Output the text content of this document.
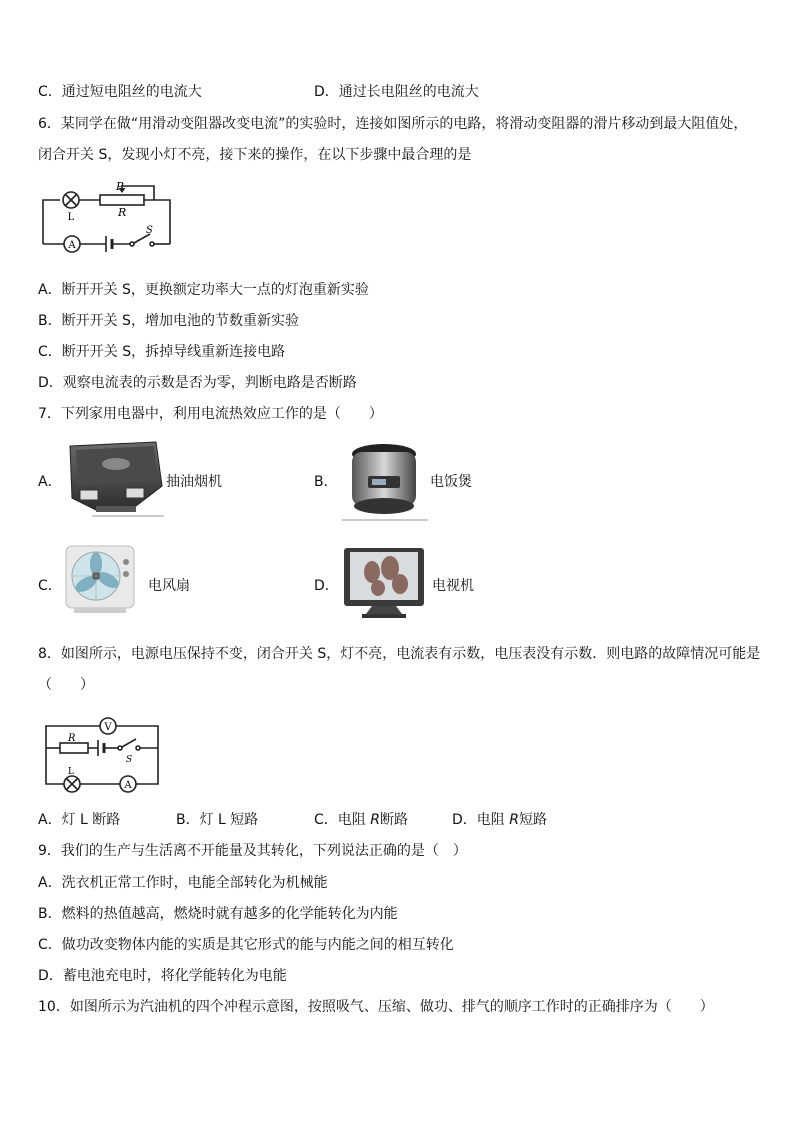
C．通过短电阻丝的电流大	D．通过长电阻丝的电流大
6．某同学在做“用滑动变阻器改变电流”的实验时，连接如图所示的电路，将滑动变阻器的滑片移动到最大阻值处，
闭合开关 S，发现小灯不亮，接下来的操作，在以下步骤中最合理的是
L
P
R
A
S
A．断开开关 S，更换额定功率大一点的灯泡重新实验
B．断开开关 S，增加电池的节数重新实验
C．断开开关 S，拆掉导线重新连接电路
D．观察电流表的示数是否为零，判断电路是否断路
7．下列家用电器中，利用电流热效应工作的是（　　）
A．	抽油烟机	B．	电饭煲
C．	电风扇	D．	电视机
8．如图所示，电源电压保持不变，闭合开关 S，灯不亮，电流表有示数，电压表没有示数．则电路的故障情况可能是
（　　）
V
R
L
A
S
A．灯 L 断路	B．灯 L 短路	C．电阻 R断路	D．电阻 R短路
9．我们的生产与生活离不开能量及其转化，下列说法正确的是（　）
A．洗衣机正常工作时，电能全部转化为机械能
B．燃料的热值越高，燃烧时就有越多的化学能转化为内能
C．做功改变物体内能的实质是其它形式的能与内能之间的相互转化
D．蓄电池充电时，将化学能转化为电能
10．如图所示为汽油机的四个冲程示意图，按照吸气、压缩、做功、排气的顺序工作时的正确排序为（　　）
